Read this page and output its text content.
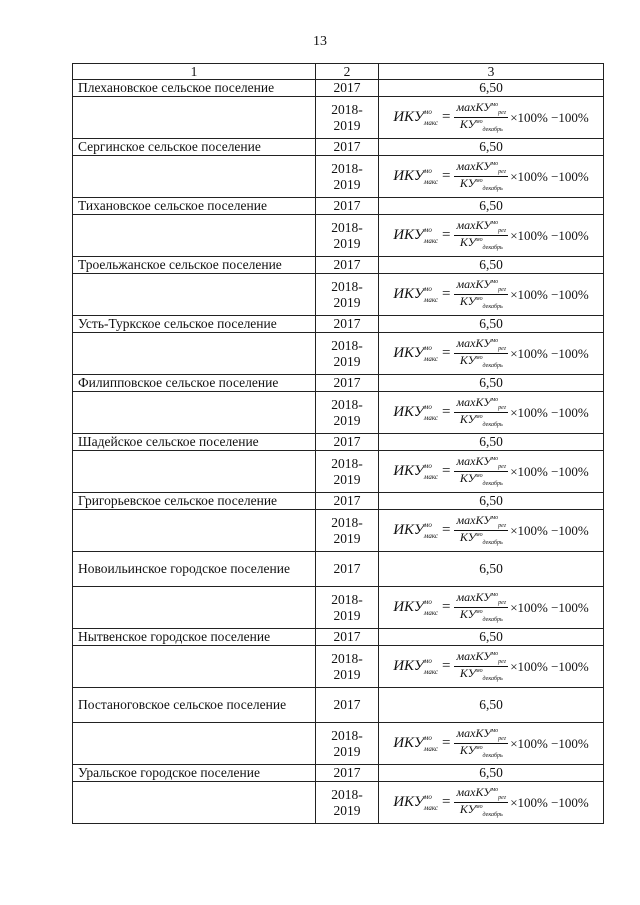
13
1	2	3
Плехановское сельское поселение	2017	6,50
	2018-2019	$ИКУ^{мо}_{макс} = \frac{махКУ^{мо}_{рег}}{КУ^{мо}_{декабрь}} \times 100\% -100\%$

Сергинское сельское поселение	2017	6,50
	2018-2019	$ИКУ^{мо}_{макс} = \frac{махКУ^{мо}_{рег}}{КУ^{мо}_{декабрь}} \times 100\% -100\%$

Тихановское сельское поселение	2017	6,50
	2018-2019	$ИКУ^{мо}_{макс} = \frac{махКУ^{мо}_{рег}}{КУ^{мо}_{декабрь}} \times 100\% -100\%$

Троельжанское сельское поселение	2017	6,50
	2018-2019	$ИКУ^{мо}_{макс} = \frac{махКУ^{мо}_{рег}}{КУ^{мо}_{декабрь}} \times 100\% -100\%$

Усть-Туркское сельское поселение	2017	6,50
	2018-2019	$ИКУ^{мо}_{макс} = \frac{махКУ^{мо}_{рег}}{КУ^{мо}_{декабрь}} \times 100\% -100\%$

Филипповское сельское поселение	2017	6,50
	2018-2019	$ИКУ^{мо}_{макс} = \frac{махКУ^{мо}_{рег}}{КУ^{мо}_{декабрь}} \times 100\% -100\%$

Шадейское сельское поселение	2017	6,50
	2018-2019	$ИКУ^{мо}_{макс} = \frac{махКУ^{мо}_{рег}}{КУ^{мо}_{декабрь}} \times 100\% -100\%$

Григорьевское сельское поселение	2017	6,50
	2018-2019	$ИКУ^{мо}_{макс} = \frac{махКУ^{мо}_{рег}}{КУ^{мо}_{декабрь}} \times 100\% -100\%$

Новоильинское городское поселение	2017	6,50
	2018-2019	$ИКУ^{мо}_{макс} = \frac{махКУ^{мо}_{рег}}{КУ^{мо}_{декабрь}} \times 100\% -100\%$

Нытвенское городское поселение	2017	6,50
	2018-2019	$ИКУ^{мо}_{макс} = \frac{махКУ^{мо}_{рег}}{КУ^{мо}_{декабрь}} \times 100\% -100\%$

Постаноговское сельское поселение	2017	6,50
	2018-2019	$ИКУ^{мо}_{макс} = \frac{махКУ^{мо}_{рег}}{КУ^{мо}_{декабрь}} \times 100\% -100\%$

Уральское городское поселение	2017	6,50
	2018-2019	$ИКУ^{мо}_{макс} = \frac{махКУ^{мо}_{рег}}{КУ^{мо}_{декабрь}} \times 100\% -100\%$
